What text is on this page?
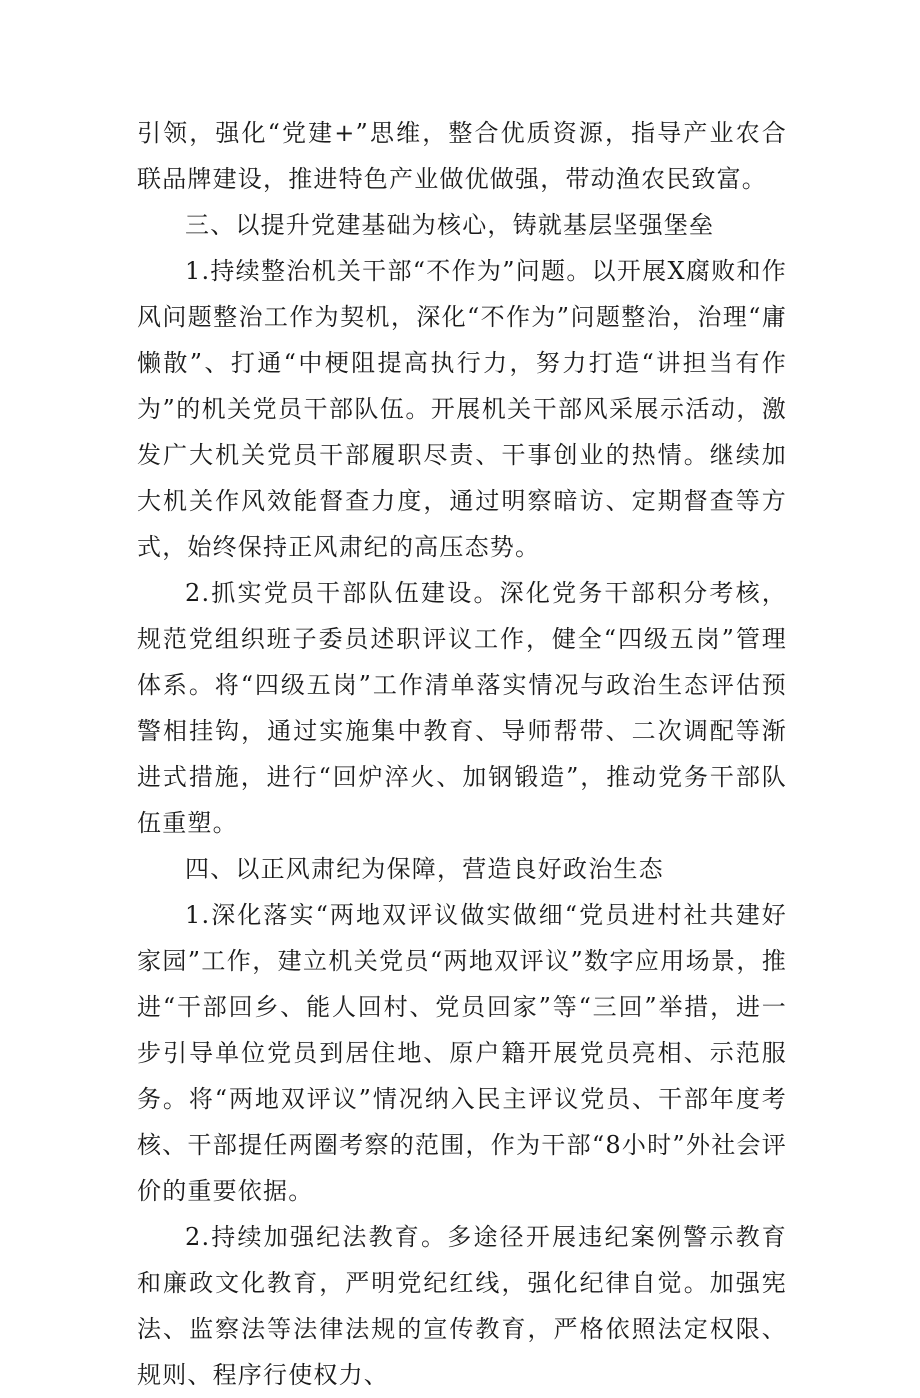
引领，强化“党建+”思维，整合优质资源，指导产业农合联品牌建设，推进特色产业做优做强，带动渔农民致富。

三、以提升党建基础为核心，铸就基层坚强堡垒

1.持续整治机关干部“不作为”问题。以开展X腐败和作风问题整治工作为契机，深化“不作为”问题整治，治理“庸懒散”、打通“中梗阻提高执行力，努力打造“讲担当有作为”的机关党员干部队伍。开展机关干部风采展示活动，激发广大机关党员干部履职尽责、干事创业的热情。继续加大机关作风效能督查力度，通过明察暗访、定期督查等方式，始终保持正风肃纪的高压态势。

2.抓实党员干部队伍建设。深化党务干部积分考核，规范党组织班子委员述职评议工作，健全“四级五岗”管理体系。将“四级五岗”工作清单落实情况与政治生态评估预警相挂钩，通过实施集中教育、导师帮带、二次调配等渐进式措施，进行“回炉淬火、加钢锻造”，推动党务干部队伍重塑。

四、以正风肃纪为保障，营造良好政治生态

1.深化落实“两地双评议做实做细“党员进村社共建好家园”工作，建立机关党员“两地双评议”数字应用场景，推进“干部回乡、能人回村、党员回家”等“三回”举措，进一步引导单位党员到居住地、原户籍开展党员亮相、示范服务。将“两地双评议”情况纳入民主评议党员、干部年度考核、干部提任两圈考察的范围，作为干部“8小时”外社会评价的重要依据。

2.持续加强纪法教育。多途径开展违纪案例警示教育和廉政文化教育，严明党纪红线，强化纪律自觉。加强宪法、监察法等法律法规的宣传教育，严格依照法定权限、规则、程序行使权力、
